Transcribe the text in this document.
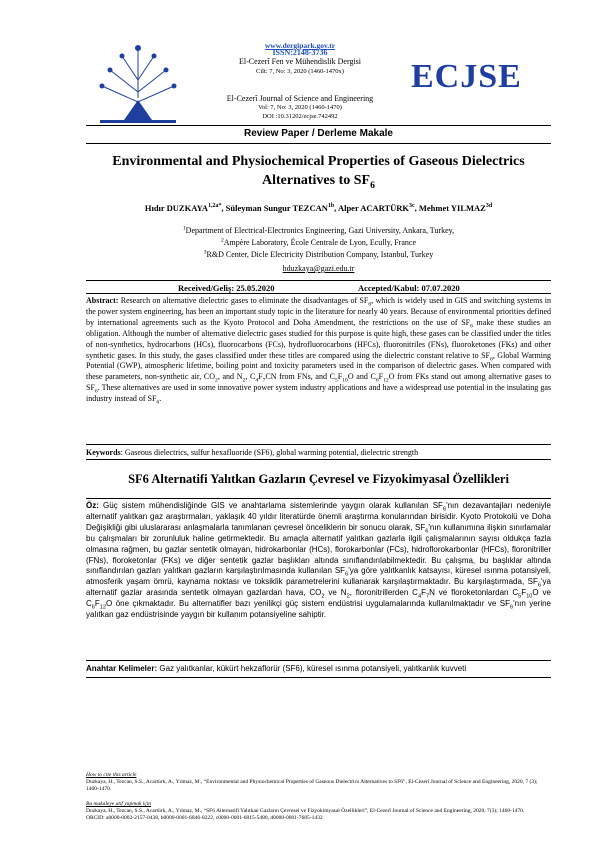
www.dergipark.gov.tr
ISSN:2148-3736
El-Cezerî Fen ve Mühendislik Dergisi
Cilt: 7, No: 3, 2020 (1460-1470x)
El-Cezerî Journal of Science and Engineering
Vol: 7, No: 3, 2020 (1460-1470)
DOI :10.31202/ecjse.742492
ECJSE
Review Paper / Derleme Makale
Environmental and Physiochemical Properties of Gaseous Dielectrics
Alternatives to $SF_6$
Hıdır $DUZKAYA^{1,2a*}$, Süleyman Sungur $TEZCAN^{1b}$, Alper $ACARTÜRK^{3c}$, Mehmet $YILMAZ^{3d}$
$^1$Department of Electrical-Electronics Engineering, Gazi University, Ankara, Turkey,
$^2$Ampère Laboratory, École Centrale de Lyon, Ecully, France
$^3$R&D Center, Dicle Electricity Distribution Company, Istanbul, Turkey
hduzkaya@gazi.edu.tr
Received/Geliş: 25.05.2020	Accepted/Kabul: 07.07.2020
Abstract: Research on alternative dielectric gases to eliminate the disadvantages of $SF_6$, which is widely used in GIS and switching systems in the power system engineering, has been an important study topic in the literature for nearly 40 years. Because of environmental priorities defined by international agreements such as the Kyoto Protocol and Doha Amendment, the restrictions on the use of $SF_6$ make these studies an obligation. Although the number of alternative dielectric gases studied for this purpose is quite high, these gases can be classified under the titles of non-synthetics, hydrocarbons (HCs), fluorocarbons (FCs), hydrofluorocarbons (HFCs), fluoronitriles (FNs), fluoroketones (FKs) and other synthetic gases. In this study, the gases classified under these titles are compared using the dielectric constant relative to $SF_6$, Global Warming Potential (GWP), atmospheric lifetime, boiling point and toxicity parameters used in the comparison of dielectric gases. When compared with these parameters, non-synthetic air, $CO_2$, and $N_2$, $C_4F_7CN$ from FNs, and $C_5F_{10}O$ and $C_6F_{12}O$ from FKs stand out among alternative gases to $SF_6$. These alternatives are used in some innovative power system industry applications and have a widespread use potential in the insulating gas industry instead of $SF_6$.
Keywords: Gaseous dielectrics, sulfur hexafluoride (SF6), global warming potential, dielectric strength
SF6 Alternatifi Yalıtkan Gazların Çevresel ve Fizyokimyasal Özellikleri
Öz: Güç sistem mühendisliğinde GIS ve anahtarlama sistemlerinde yaygın olarak kullanılan $SF_6'nın$ dezavantajları nedeniyle alternatif yalıtkan gaz araştırmaları, yaklaşık 40 yıldır literatürde önemli araştırma konularından birisidir. Kyoto Protokolü ve Doha Değişikliği gibi uluslararası anlaşmalarla tanımlanan çevresel önceliklerin bir sonucu olarak, $SF_6'nın$ kullanımına ilişkin sınırlamalar bu çalışmaları bir zorunluluk haline getirmektedir. Bu amaçla alternatif yalıtkan gazlarla ilgili çalışmalarının sayısı oldukça fazla olmasına rağmen, bu gazlar sentetik olmayan, hidrokarbonlar (HCs), florokarbonlar (FCs), hidroflorokarbonlar (HFCs), floronitriller (FNs), floroketonlar (FKs) ve diğer sentetik gazlar başlıkları altında sınıflandırılabilmektedir. Bu çalışma, bu başlıklar altında sınıflandırılan gazları yalıtkan gazların karşılaştırılmasında kullanılan $SF_6'ya$ göre yalıtkanlık katsayısı, küresel ısınma potansiyeli, atmosferik yaşam ömrü, kaynama noktası ve toksiklik parametrelerini kullanarak karşılaştırmaktadır. Bu karşılaştırmada, $SF_6'ya$ alternatif gazlar arasında sentetik olmayan gazlardan hava, $CO_2$ ve $N_2$, floronitrillerden $C_4F_7N$ ve floroketonlardan $C_5F_{10}O$ ve $C_6F_{12}O$ öne çıkmaktadır. Bu alternatifler bazı yenilikçi güç sistem endüstrisi uygulamalarında kullanılmaktadır ve $SF_6'nın$ yerine yalıtkan gaz endüstrisinde yaygın bir kullanım potansiyeline sahiptir.
Anahtar Kelimeler: Gaz yalıtkanlar, kükürt hekzaflorür (SF6), küresel ısınma potansiyeli, yalıtkanlık kuvveti
How to cite this article
Duzkaya, H., Tezcan, S.S., Acartürk, A., Yılmaz, M., “Environmental and Physiochemical Properties of Gaseous Dielectrics Alternatives to SF6”, El-Cezerî Journal of Science and Engineering, 2020, 7 (3); 1460-1470.
Bu makaleye atıf yapmak için
Duzkaya, H., Tezcan, S.S., Acartürk, A., Yılmaz, M., “SF6 Alternatifi Yalıtkan Gazların Çevresel ve Fizyokimyasal Özellikleri”, El-Cezerî Journal of Science and Engineering, 2020, 7(3); 1460-1470.
ORCID: a0000-0002-2157-0438, b0000-0001-6846-8222, c0000-0001-6015-5480, d0000-0001-7685-1432
